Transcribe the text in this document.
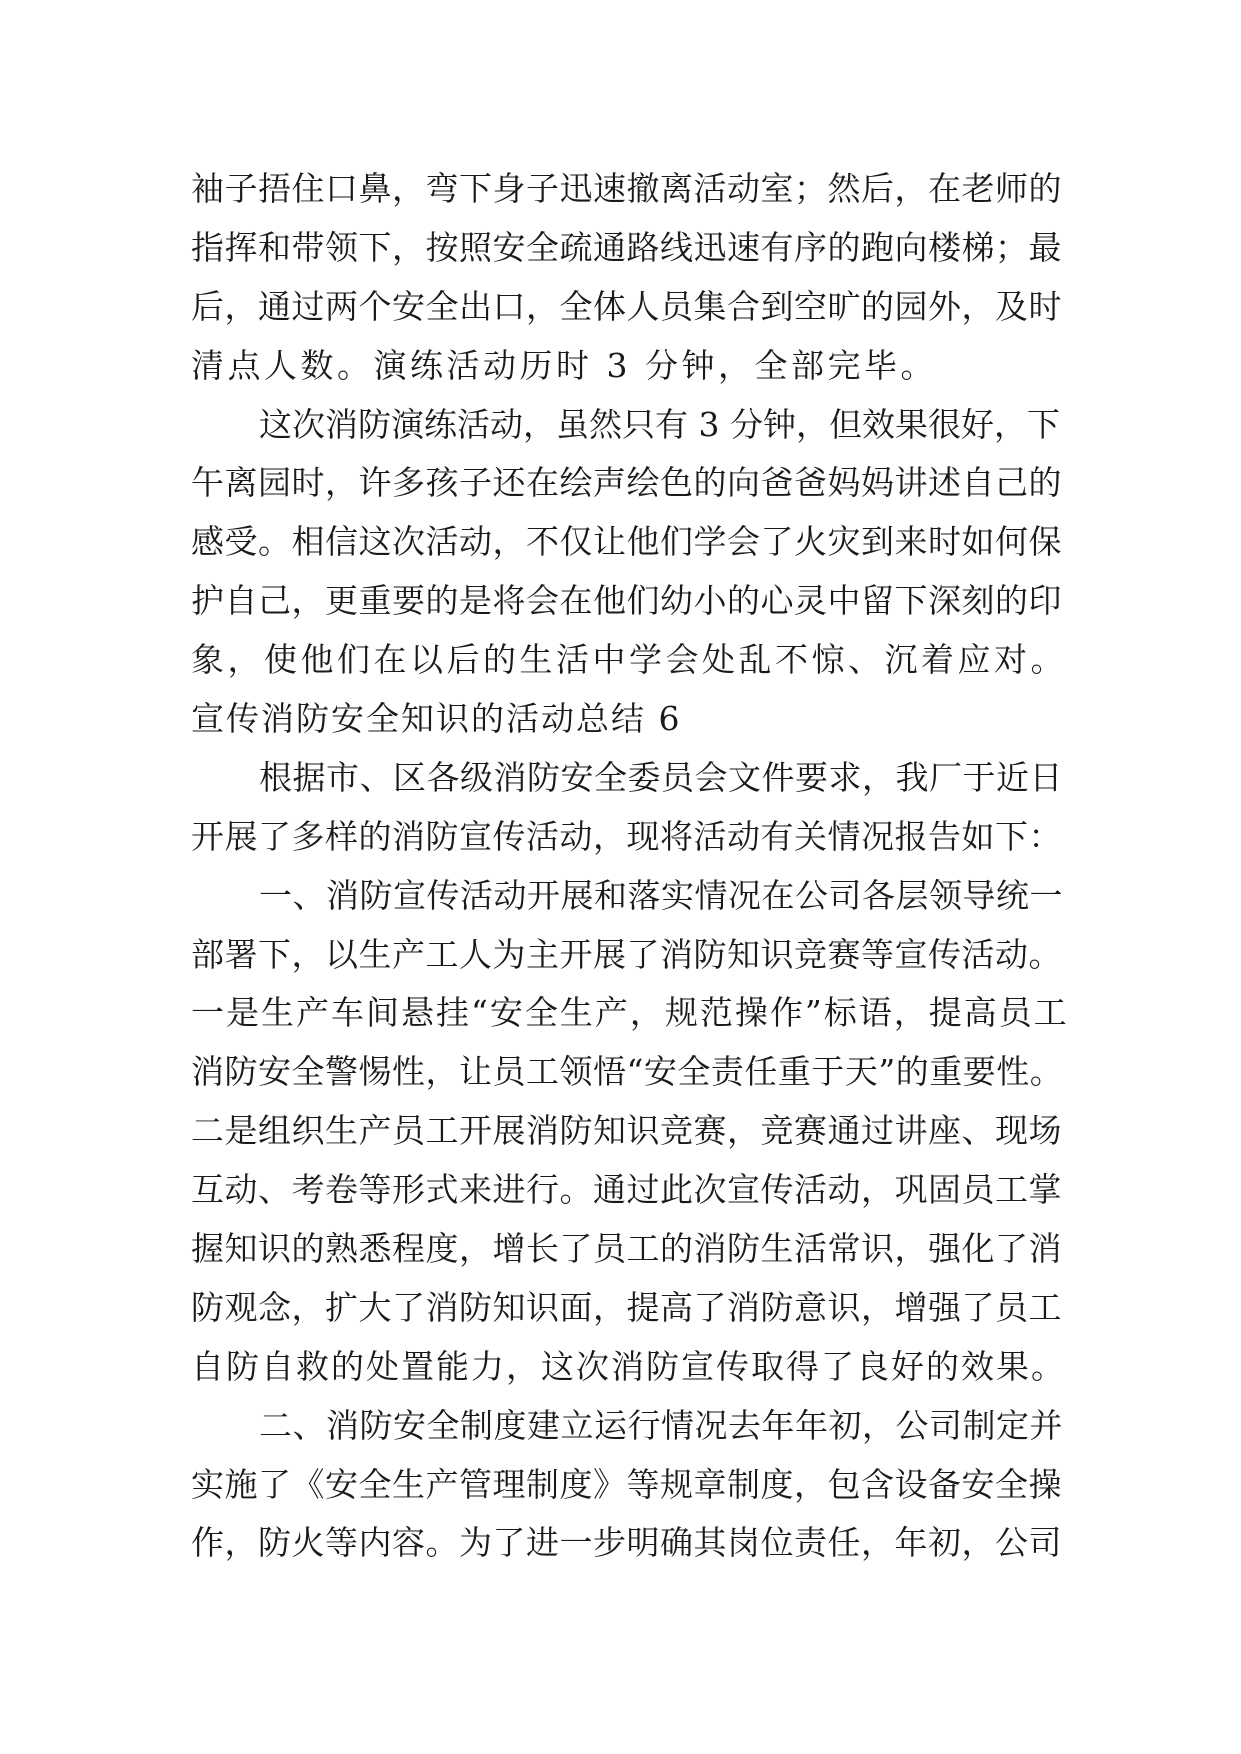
袖子捂住口鼻，弯下身子迅速撤离活动室；然后，在老师的
指挥和带领下，按照安全疏通路线迅速有序的跑向楼梯；最
后，通过两个安全出口，全体人员集合到空旷的园外，及时
清点人数。演练活动历时 3 分钟，全部完毕。
这次消防演练活动，虽然只有 3 分钟，但效果很好，下
午离园时，许多孩子还在绘声绘色的向爸爸妈妈讲述自己的
感受。相信这次活动，不仅让他们学会了火灾到来时如何保
护自己，更重要的是将会在他们幼小的心灵中留下深刻的印
象，使他们在以后的生活中学会处乱不惊、沉着应对。
宣传消防安全知识的活动总结 6
根据市、区各级消防安全委员会文件要求，我厂于近日
开展了多样的消防宣传活动，现将活动有关情况报告如下：
一、消防宣传活动开展和落实情况在公司各层领导统一
部署下，以生产工人为主开展了消防知识竞赛等宣传活动。
一是生产车间悬挂“安全生产，规范操作”标语，提高员工
消防安全警惕性，让员工领悟“安全责任重于天”的重要性。
二是组织生产员工开展消防知识竞赛，竞赛通过讲座、现场
互动、考卷等形式来进行。通过此次宣传活动，巩固员工掌
握知识的熟悉程度，增长了员工的消防生活常识，强化了消
防观念，扩大了消防知识面，提高了消防意识，增强了员工
自防自救的处置能力，这次消防宣传取得了良好的效果。
二、消防安全制度建立运行情况去年年初，公司制定并
实施了《安全生产管理制度》等规章制度，包含设备安全操
作，防火等内容。为了进一步明确其岗位责任，年初，公司
